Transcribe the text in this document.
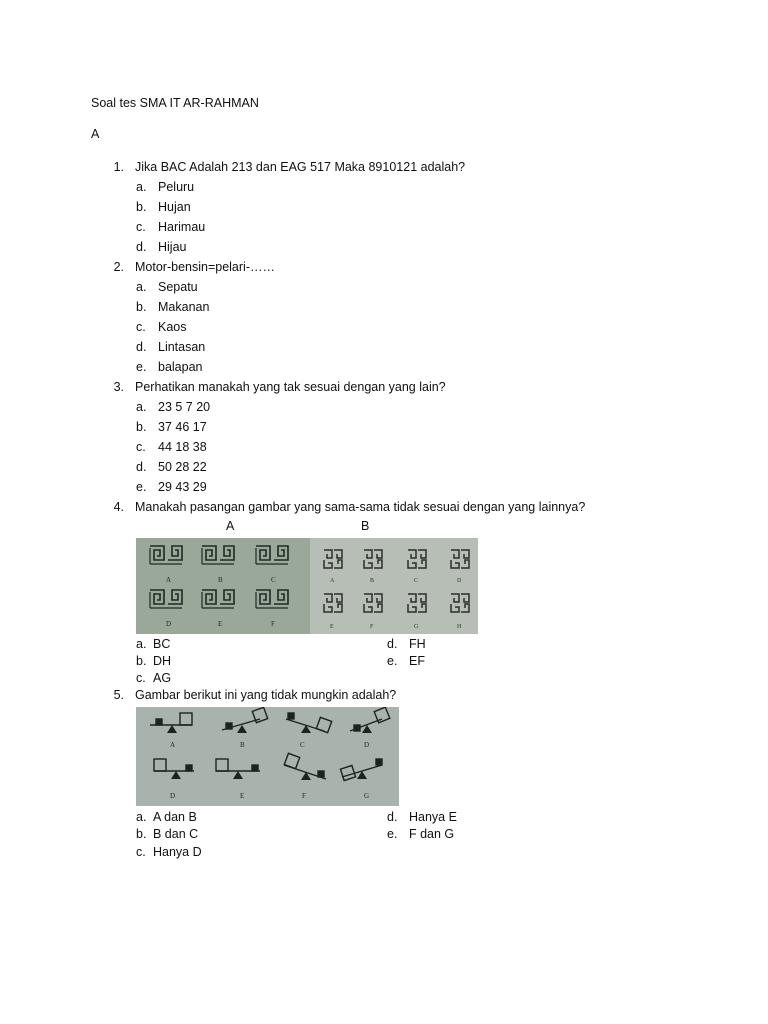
Soal tes SMA IT AR-RAHMAN
A
1. Jika BAC Adalah 213 dan EAG 517 Maka 8910121 adalah?
a. Peluru
b. Hujan
c. Harimau
d. Hijau
2. Motor-bensin=pelari-……
a. Sepatu
b. Makanan
c. Kaos
d. Lintasan
e. balapan
3. Perhatikan manakah yang tak sesuai dengan yang lain?
a. 23 5 7 20
b. 37 46 17
c. 44 18 38
d. 50 28 22
e. 29 43 29
4. Manakah pasangan gambar yang sama-sama tidak sesuai dengan yang lainnya?
A	B
A	B	C
D	E	F
A	B	C	D
E	F	G	H
a. BC
b. DH
c. AG
d. FH
e. EF
5. Gambar berikut ini yang tidak mungkin adalah?
A	B	C	D
D	E	F	G
a. A dan B
b. B dan C
c. Hanya D
d. Hanya E
e. F dan G
